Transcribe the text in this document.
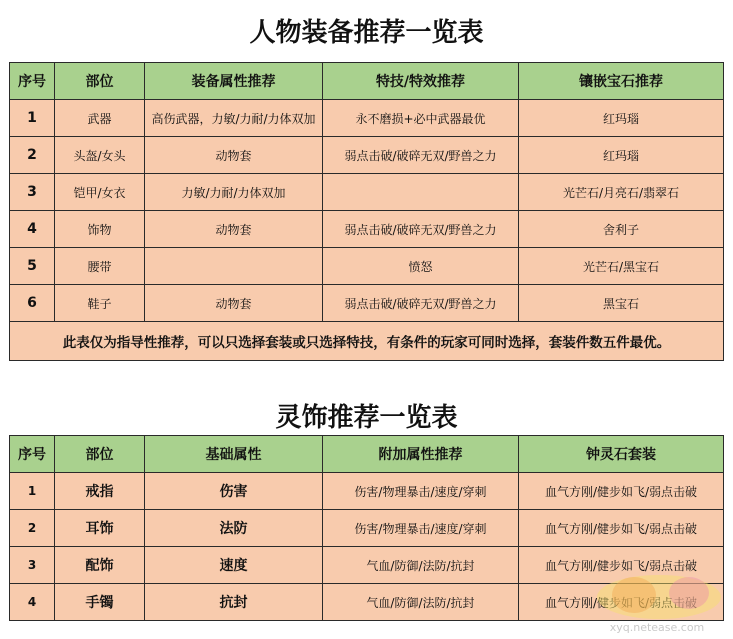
人物装备推荐一览表
序号	部位	装备属性推荐	特技/特效推荐	镶嵌宝石推荐
1	武器	高伤武器，力敏/力耐/力体双加	永不磨损+必中武器最优	红玛瑙
2	头盔/女头	动物套	弱点击破/破碎无双/野兽之力	红玛瑙
3	铠甲/女衣	力敏/力耐/力体双加		光芒石/月亮石/翡翠石
4	饰物	动物套	弱点击破/破碎无双/野兽之力	舍利子
5	腰带		愤怒	光芒石/黑宝石
6	鞋子	动物套	弱点击破/破碎无双/野兽之力	黑宝石
此表仅为指导性推荐，可以只选择套装或只选择特技，有条件的玩家可同时选择，套装件数五件最优。				
灵饰推荐一览表
序号	部位	基础属性	附加属性推荐	钟灵石套装
1	戒指	伤害	伤害/物理暴击/速度/穿刺	血气方刚/健步如飞/弱点击破
2	耳饰	法防	伤害/物理暴击/速度/穿刺	血气方刚/健步如飞/弱点击破
3	配饰	速度	气血/防御/法防/抗封	血气方刚/健步如飞/弱点击破
4	手镯	抗封	气血/防御/法防/抗封	血气方刚/健步如飞/弱点击破
xyq.netease.com
